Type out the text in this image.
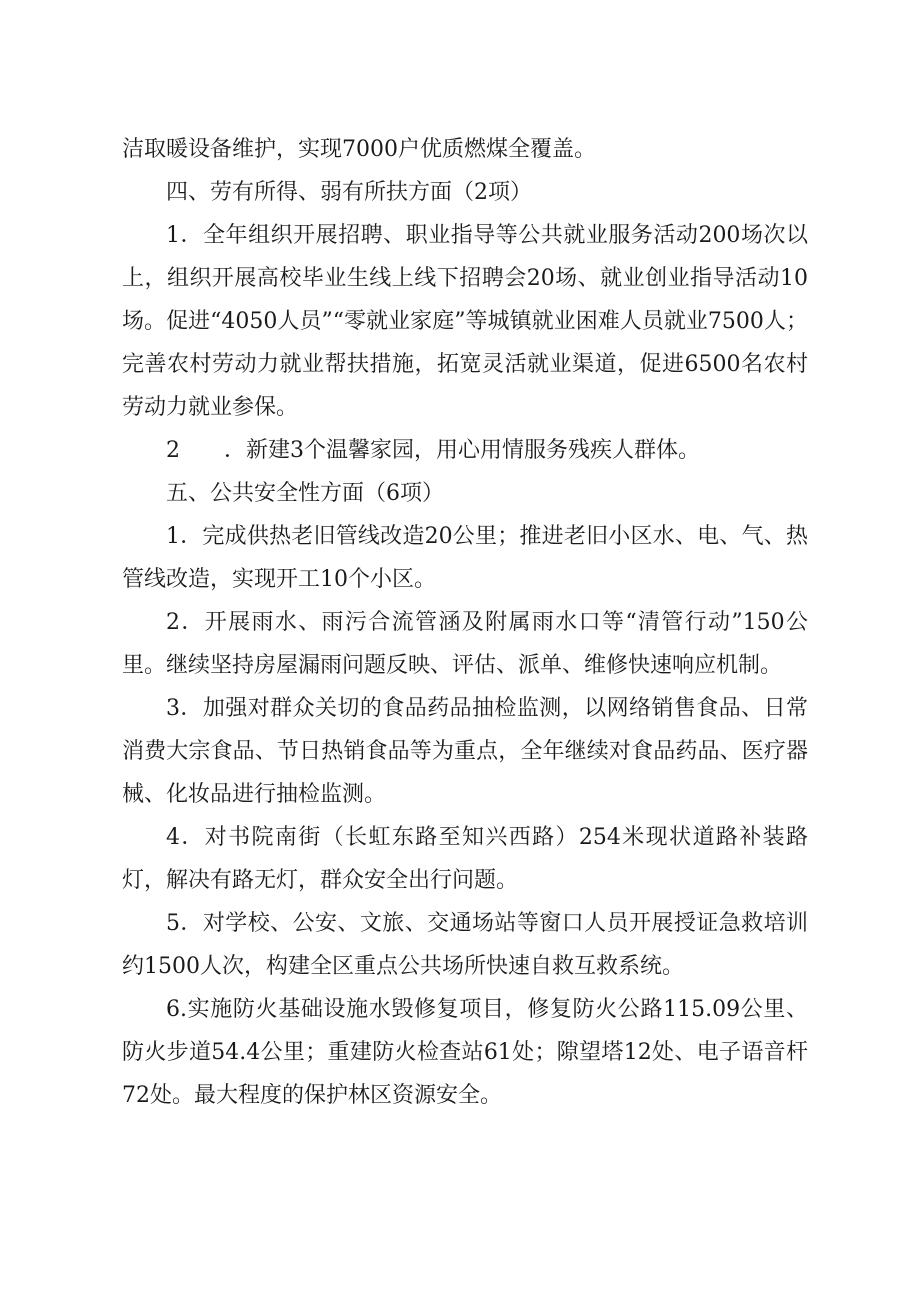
洁取暖设备维护，实现7000户优质燃煤全覆盖。

四、劳有所得、弱有所扶方面（2项）

1．全年组织开展招聘、职业指导等公共就业服务活动200场次以上，组织开展高校毕业生线上线下招聘会20场、就业创业指导活动10场。促进“4050人员”“零就业家庭”等城镇就业困难人员就业7500人；完善农村劳动力就业帮扶措施，拓宽灵活就业渠道，促进6500名农村劳动力就业参保。

2　　．新建3个温馨家园，用心用情服务残疾人群体。

五、公共安全性方面（6项）

1．完成供热老旧管线改造20公里；推进老旧小区水、电、气、热管线改造，实现开工10个小区。

2．开展雨水、雨污合流管涵及附属雨水口等“清管行动”150公里。继续坚持房屋漏雨问题反映、评估、派单、维修快速响应机制。

3．加强对群众关切的食品药品抽检监测，以网络销售食品、日常消费大宗食品、节日热销食品等为重点，全年继续对食品药品、医疗器械、化妆品进行抽检监测。

4．对书院南街（长虹东路至知兴西路）254米现状道路补装路灯，解决有路无灯，群众安全出行问题。

5．对学校、公安、文旅、交通场站等窗口人员开展授证急救培训约1500人次，构建全区重点公共场所快速自救互救系统。

6.实施防火基础设施水毁修复项目，修复防火公路115.09公里、防火步道54.4公里；重建防火检查站61处；隙望塔12处、电子语音杆72处。最大程度的保护林区资源安全。
